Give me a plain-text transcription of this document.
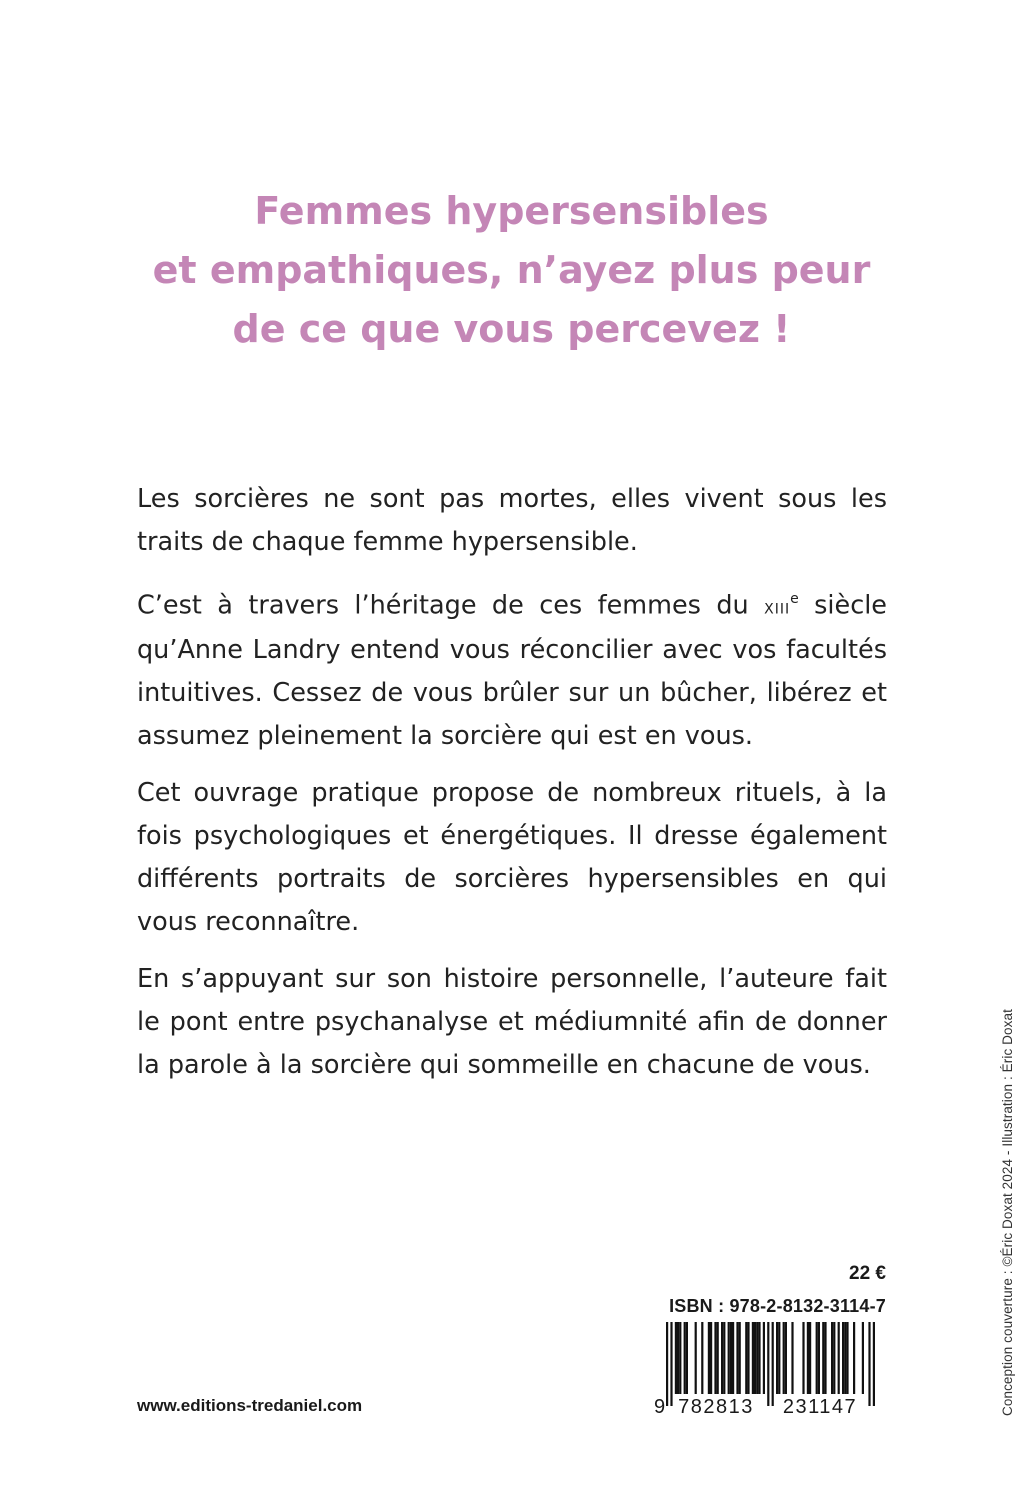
Femmes hypersensibles
et empathiques, n’ayez plus peur
de ce que vous percevez !

Les sorcières ne sont pas mortes, elles vivent sous les traits de chaque femme hypersensible.

C’est à travers l’héritage de ces femmes du xiii$^e$ siècle qu’Anne Landry entend vous réconcilier avec vos facultés intuitives. Cessez de vous brûler sur un bûcher, libérez et assumez pleinement la sorcière qui est en vous.

Cet ouvrage pratique propose de nombreux rituels, à la fois psychologiques et énergétiques. Il dresse également différents portraits de sorcières hypersensibles en qui vous reconnaître.

En s’appuyant sur son histoire personnelle, l’auteure fait le pont entre psychanalyse et médiumnité afin de donner la parole à la sorcière qui sommeille en chacune de vous.

22 €
ISBN : 978-2-8132-3114-7
9 782813 231147
www.editions-tredaniel.com	Conception couverture : ©Éric Doxat 2024 - Illustration : Éric Doxat
